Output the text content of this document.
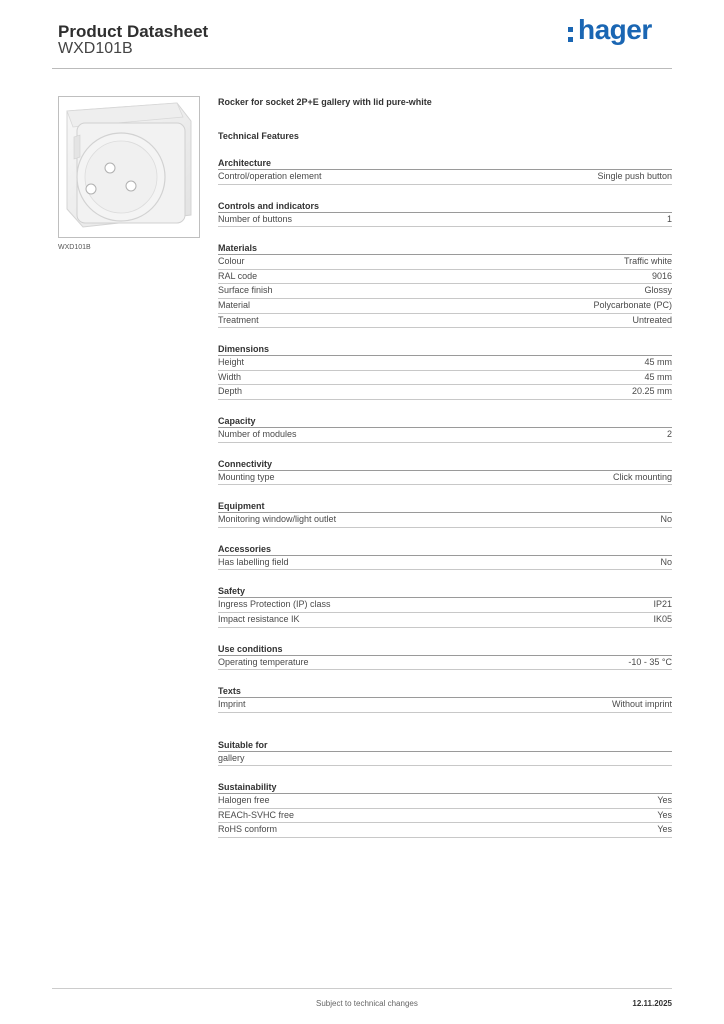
Product Datasheet
WXD101B
hager
WXD101B
Rocker for socket 2P+E gallery with lid pure-white
Technical Features
Architecture
Control/operation element	Single push button
Controls and indicators
Number of buttons	1
Materials
Colour	Traffic white
RAL code	9016
Surface finish	Glossy
Material	Polycarbonate (PC)
Treatment	Untreated
Dimensions
Height	45 mm
Width	45 mm
Depth	20.25 mm
Capacity
Number of modules	2
Connectivity
Mounting type	Click mounting
Equipment
Monitoring window/light outlet	No
Accessories
Has labelling field	No
Safety
Ingress Protection (IP) class	IP21
Impact resistance IK	IK05
Use conditions
Operating temperature	-10 - 35 °C
Texts
Imprint	Without imprint
Suitable for
gallery
Sustainability
Halogen free	Yes
REACh-SVHC free	Yes
RoHS conform	Yes
Subject to technical changes	12.11.2025
